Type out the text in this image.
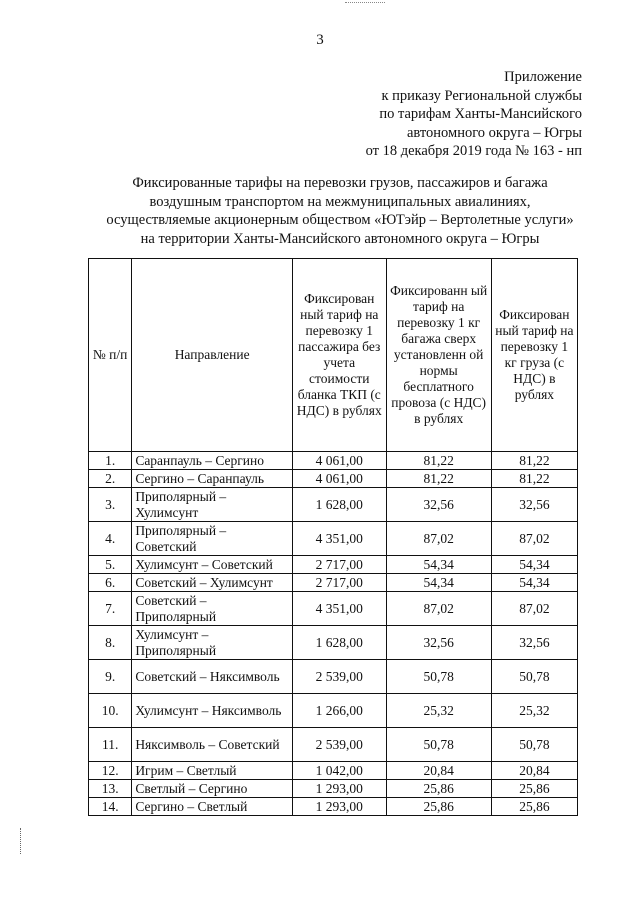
3
Приложение
к приказу Региональной службы
по тарифам Ханты-Мансийского
автономного округа – Югры
от 18 декабря 2019 года № 163 - нп
Фиксированные тарифы на перевозки грузов, пассажиров и багажа
воздушным транспортом на межмуниципальных авиалиниях,
осуществляемые акционерным обществом «ЮТэйр – Вертолетные услуги»
на территории Ханты-Мансийского автономного округа – Югры
№ п/п	Направление	Фиксирован ный тариф на перевозку 1 пассажира без учета стоимости бланка ТКП (с НДС) в рублях	Фиксированн ый тариф на перевозку 1 кг багажа сверх установленн ой нормы бесплатного провоза (с НДС) в рублях	Фиксирован ный тариф на перевозку 1 кг груза (с НДС) в рублях
1.	Саранпауль – Сергино	4 061,00	81,22	81,22
2.	Сергино – Саранпауль	4 061,00	81,22	81,22
3.	Приполярный – Хулимсунт	1 628,00	32,56	32,56
4.	Приполярный – Советский	4 351,00	87,02	87,02
5.	Хулимсунт – Советский	2 717,00	54,34	54,34
6.	Советский – Хулимсунт	2 717,00	54,34	54,34
7.	Советский – Приполярный	4 351,00	87,02	87,02
8.	Хулимсунт – Приполярный	1 628,00	32,56	32,56
9.	Советский – Няксимволь	2 539,00	50,78	50,78
10.	Хулимсунт – Няксимволь	1 266,00	25,32	25,32
11.	Няксимволь – Советский	2 539,00	50,78	50,78
12.	Игрим – Светлый	1 042,00	20,84	20,84
13.	Светлый – Сергино	1 293,00	25,86	25,86
14.	Сергино – Светлый	1 293,00	25,86	25,86
